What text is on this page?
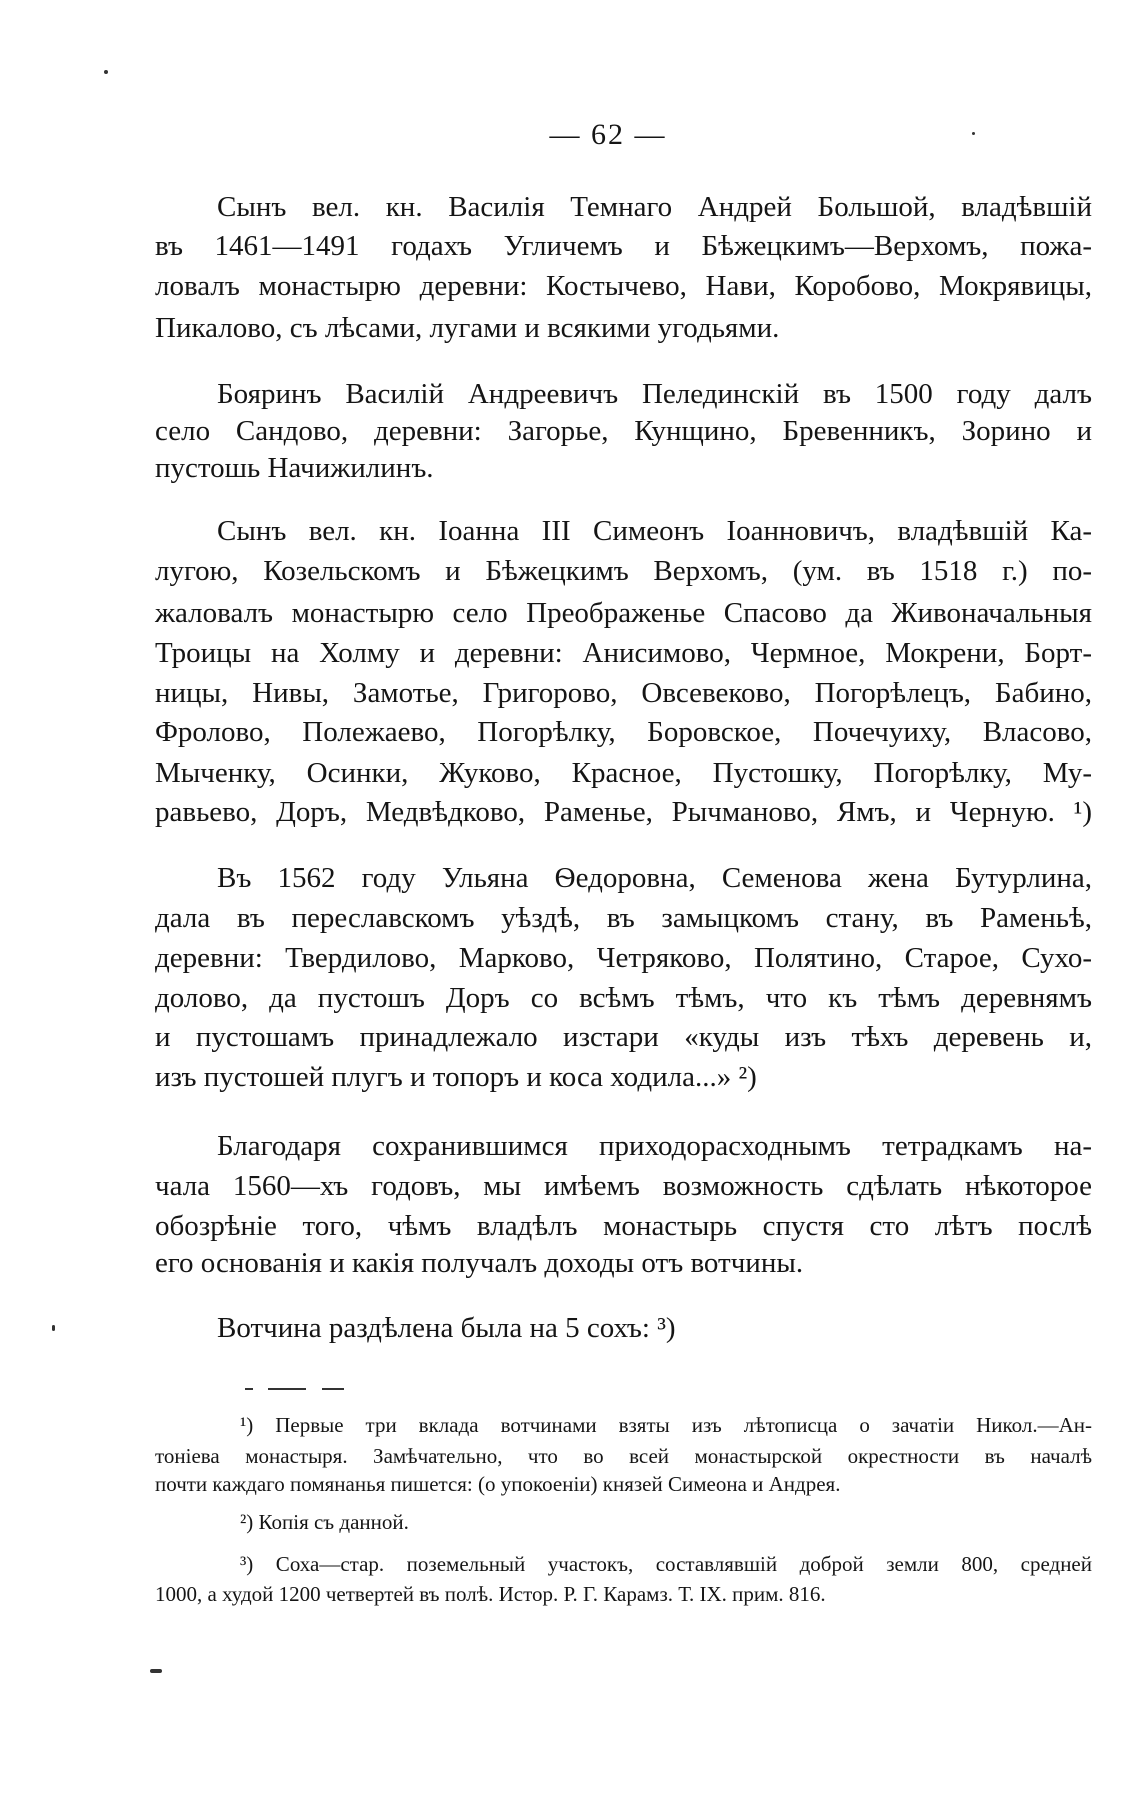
— 62 —
Сынъ вел. кн. Василія Темнаго Андрей Большой, владѣвшій
въ 1461—1491 годахъ Угличемъ и Бѣжецкимъ—Верхомъ, пожа-
ловалъ монастырю деревни: Костычево, Нави, Коробово, Мокрявицы,
Пикалово, съ лѣсами, лугами и всякими угодьями.
Бояринъ Василій Андреевичъ Пелединскій въ 1500 году далъ
село Сандово, деревни: Загорье, Кунщино, Бревенникъ, Зорино и
пустошь Начижилинъ.
Сынъ вел. кн. Іоанна III Симеонъ Іоанновичъ, владѣвшій Ка-
лугою, Козельскомъ и Бѣжецкимъ Верхомъ, (ум. въ 1518 г.) по-
жаловалъ монастырю село Преображенье Спасово да Живоначальныя
Троицы на Холму и деревни: Анисимово, Чермное, Мокрени, Борт-
ницы, Нивы, Замотье, Григорово, Овсевеково, Погорѣлецъ, Бабино,
Фролово, Полежаево, Погорѣлку, Боровское, Почечуиху, Власово,
Мыченку, Осинки, Жуково, Красное, Пустошку, Погорѣлку, Му-
равьево, Доръ, Медвѣдково, Раменье, Рычманово, Ямъ, и Черную. ¹)
Въ 1562 году Ульяна Ѳедоровна, Семенова жена Бутурлина,
дала въ переславскомъ уѣздѣ, въ замыцкомъ стану, въ Раменьѣ,
деревни: Твердилово, Марково, Четряково, Полятино, Старое, Сухо-
долово, да пустошъ Доръ со всѣмъ тѣмъ, что къ тѣмъ деревнямъ
и пустошамъ принадлежало изстари «куды изъ тѣхъ деревень и,
изъ пустошей плугъ и топоръ и коса ходила...» ²)
Благодаря сохранившимся приходорасходнымъ тетрадкамъ на-
чала 1560—хъ годовъ, мы имѣемъ возможность сдѣлать нѣкоторое
обозрѣніе того, чѣмъ владѣлъ монастырь спустя сто лѣтъ послѣ
его основанія и какія получалъ доходы отъ вотчины.
Вотчина раздѣлена была на 5 сохъ: ³)
¹) Первые три вклада вотчинами взяты изъ лѣтописца о зачатіи Никол.—Ан-
тоніева монастыря. Замѣчательно, что во всей монастырской окрестности въ началѣ
почти каждаго помянанья пишется: (о упокоеніи) князей Симеона и Андрея.
²) Копія съ данной.
³) Соха—стар. поземельный участокъ, составлявшій доброй земли 800, средней
1000, а худой 1200 четвертей въ полѣ. Истор. Р. Г. Карамз. Т. IX. прим. 816.
